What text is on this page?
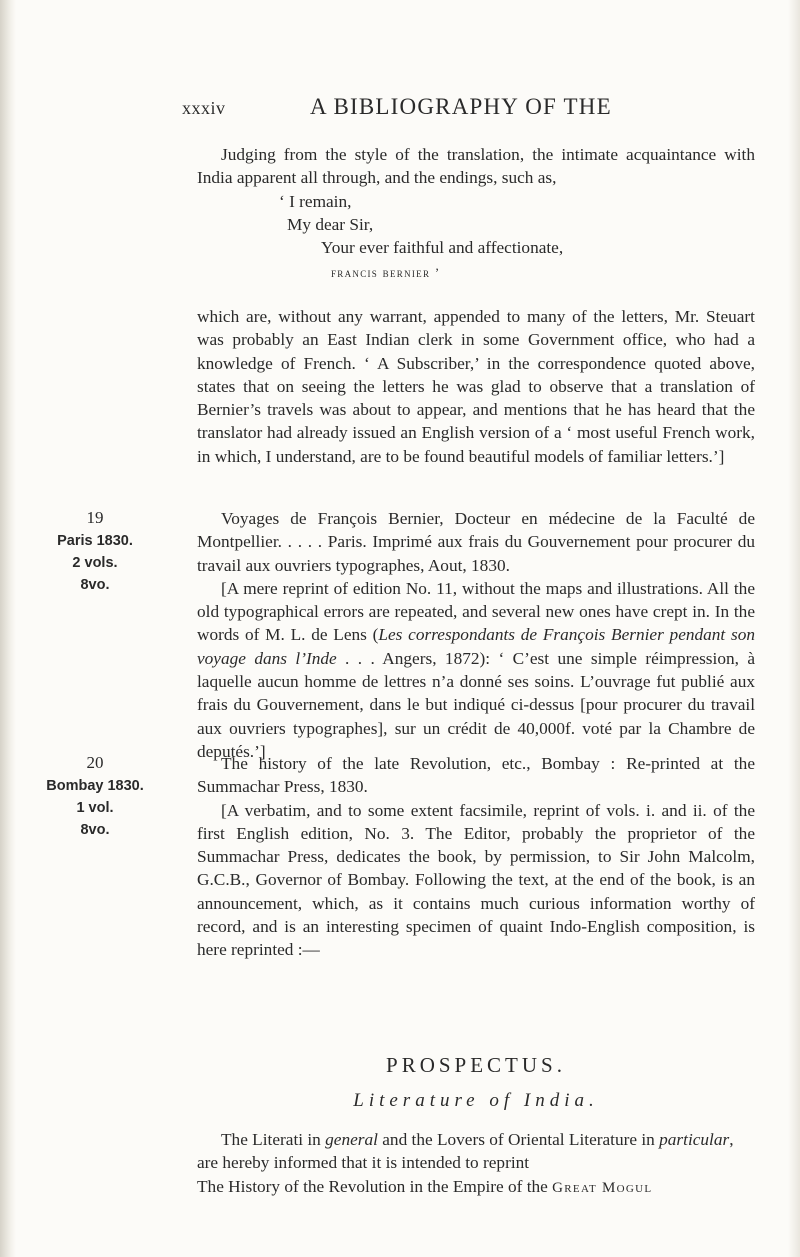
xxxiv	A BIBLIOGRAPHY OF THE

Judging from the style of the translation, the intimate acquaintance with India apparent all through, and the endings, such as,

‘ I remain,
My dear Sir,
Your ever faithful and affectionate,
francis bernier ’

which are, without any warrant, appended to many of the letters, Mr. Steuart was probably an East Indian clerk in some Government office, who had a knowledge of French. ‘ A Subscriber,’ in the correspondence quoted above, states that on seeing the letters he was glad to observe that a translation of Bernier’s travels was about to appear, and mentions that he has heard that the translator had already issued an English version of a ‘ most useful French work, in which, I understand, are to be found beautiful models of familiar letters.’]

19
Paris 1830.
2 vols.
8vo.

Voyages de François Bernier, Docteur en médecine de la Faculté de Montpellier. . . . . Paris. Imprimé aux frais du Gouvernement pour procurer du travail aux ouvriers typographes, Aout, 1830.

[A mere reprint of edition No. 11, without the maps and illustrations. All the old typographical errors are repeated, and several new ones have crept in. In the words of M. L. de Lens (Les correspondants de François Bernier pendant son voyage dans l’Inde . . . Angers, 1872): ‘ C’est une simple réimpression, à laquelle aucun homme de lettres n’a donné ses soins. L’ouvrage fut publié aux frais du Gouvernement, dans le but indiqué ci-dessus [pour procurer du travail aux ouvriers typographes], sur un crédit de 40,000f. voté par la Chambre de deputés.’]

20
Bombay 1830.
1 vol.
8vo.

The history of the late Revolution, etc., Bombay : Re-printed at the Summachar Press, 1830.

[A verbatim, and to some extent facsimile, reprint of vols. i. and ii. of the first English edition, No. 3. The Editor, probably the proprietor of the Summachar Press, dedicates the book, by permission, to Sir John Malcolm, G.C.B., Governor of Bombay. Following the text, at the end of the book, is an announcement, which, as it contains much curious information worthy of record, and is an interesting specimen of quaint Indo-English composition, is here reprinted :—

PROSPECTUS.
Literature of India.

The Literati in general and the Lovers of Oriental Literature in particular, are hereby informed that it is intended to reprint
The History of the Revolution in the Empire of the Great Mogul
